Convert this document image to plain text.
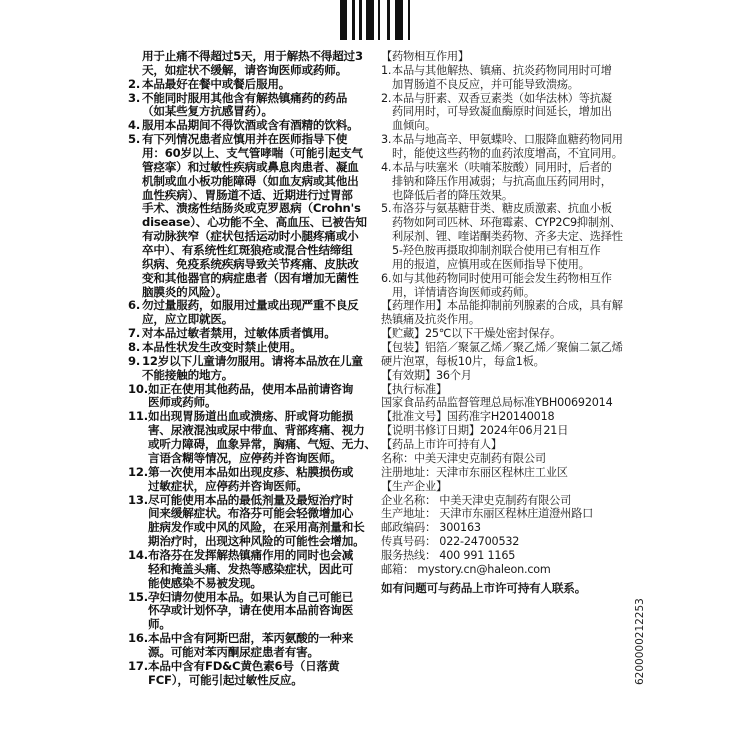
用于止痛不得超过5天，用于解热不得超过3
天，如症状不缓解，请咨询医师或药师。
2. 本品最好在餐中或餐后服用。
3. 不能同时服用其他含有解热镇痛药的药品
（如某些复方抗感冒药）。
4. 服用本品期间不得饮酒或含有酒精的饮料。
5. 有下列情况患者应慎用并在医师指导下使
用：60岁以上、支气管哮喘（可能引起支气
管痉挛）和过敏性疾病或鼻息肉患者、凝血
机制或血小板功能障碍（如血友病或其他出
血性疾病）、胃肠道不适、近期进行过胃部
手术、溃疡性结肠炎或克罗恩病（Crohn's
disease）、心功能不全、高血压、已被告知
有动脉狭窄（症状包括运动时小腿疼痛或小
卒中）、有系统性红斑狼疮或混合性结缔组
织病、免疫系统疾病导致关节疼痛、皮肤改
变和其他器官的病症患者（因有增加无菌性
脑膜炎的风险）。
6. 勿过量服药，如服用过量或出现严重不良反
应，应立即就医。
7. 对本品过敏者禁用，过敏体质者慎用。
8. 本品性状发生改变时禁止使用。
9. 12岁以下儿童请勿服用。请将本品放在儿童
不能接触的地方。
10. 如正在使用其他药品，使用本品前请咨询
医师或药师。
11. 如出现胃肠道出血或溃疡、肝或肾功能损
害、尿液混浊或尿中带血、背部疼痛、视力
或听力障碍，血象异常，胸痛、气短、无力、
言语含糊等情况，应停药并咨询医师。
12. 第一次使用本品如出现皮疹、粘膜损伤或
过敏症状，应停药并咨询医师。
13. 尽可能使用本品的最低剂量及最短治疗时
间来缓解症状。布洛芬可能会轻微增加心
脏病发作或中风的风险，在采用高剂量和长
期治疗时，出现这种风险的可能性会增加。
14. 布洛芬在发挥解热镇痛作用的同时也会减
轻和掩盖头痛、发热等感染症状，因此可
能使感染不易被发现。
15. 孕妇请勿使用本品。如果认为自己可能已
怀孕或计划怀孕，请在使用本品前咨询医
师。
16. 本品中含有阿斯巴甜，苯丙氨酸的一种来
源。可能对苯丙酮尿症患者有害。
17. 本品中含有FD&C黄色素6号（日落黄
FCF），可能引起过敏性反应。
【药物相互作用】
1. 本品与其他解热、镇痛、抗炎药物同用时可增
加胃肠道不良反应，并可能导致溃疡。
2. 本品与肝素、双香豆素类（如华法林）等抗凝
药同用时，可导致凝血酶原时间延长，增加出
血倾向。
3. 本品与地高辛、甲氨蝶呤、口服降血糖药物同用
时，能使这些药物的血药浓度增高，不宜同用。
4. 本品与呋塞米（呋喃苯胺酸）同用时，后者的
排钠和降压作用减弱；与抗高血压药同用时，
也降低后者的降压效果。
5. 布洛芬与氨基糖苷类、糖皮质激素、抗血小板
药物如阿司匹林、环孢霉素、CYP2C9抑制剂、
利尿剂、锂、喹诺酮类药物、齐多夫定、选择性
5-羟色胺再摄取抑制剂联合使用已有相互作
用的报道，应慎用或在医师指导下使用。
6. 如与其他药物同时使用可能会发生药物相互作
用，详情请咨询医师或药师。
【药理作用】本品能抑制前列腺素的合成，具有解
热镇痛及抗炎作用。
【贮藏】25℃以下干燥处密封保存。
【包装】铝箔／聚氯乙烯／聚乙烯／聚偏二氯乙烯
硬片泡罩，每板10片，每盒1板。
【有效期】36个月
【执行标准】
国家食品药品监督管理总局标准YBH00692014
【批准文号】国药准字H20140018
【说明书修订日期】2024年06月21日
【药品上市许可持有人】
名称：中美天津史克制药有限公司
注册地址：天津市东丽区程林庄工业区
【生产企业】
企业名称： 中美天津史克制药有限公司
生产地址： 天津市东丽区程林庄道澄州路口
邮政编码： 300163
传真号码： 022-24700532
服务热线： 400 991 1165
邮箱： mystory.cn@haleon.com
如有问题可与药品上市许可持有人联系。
6200000212253
